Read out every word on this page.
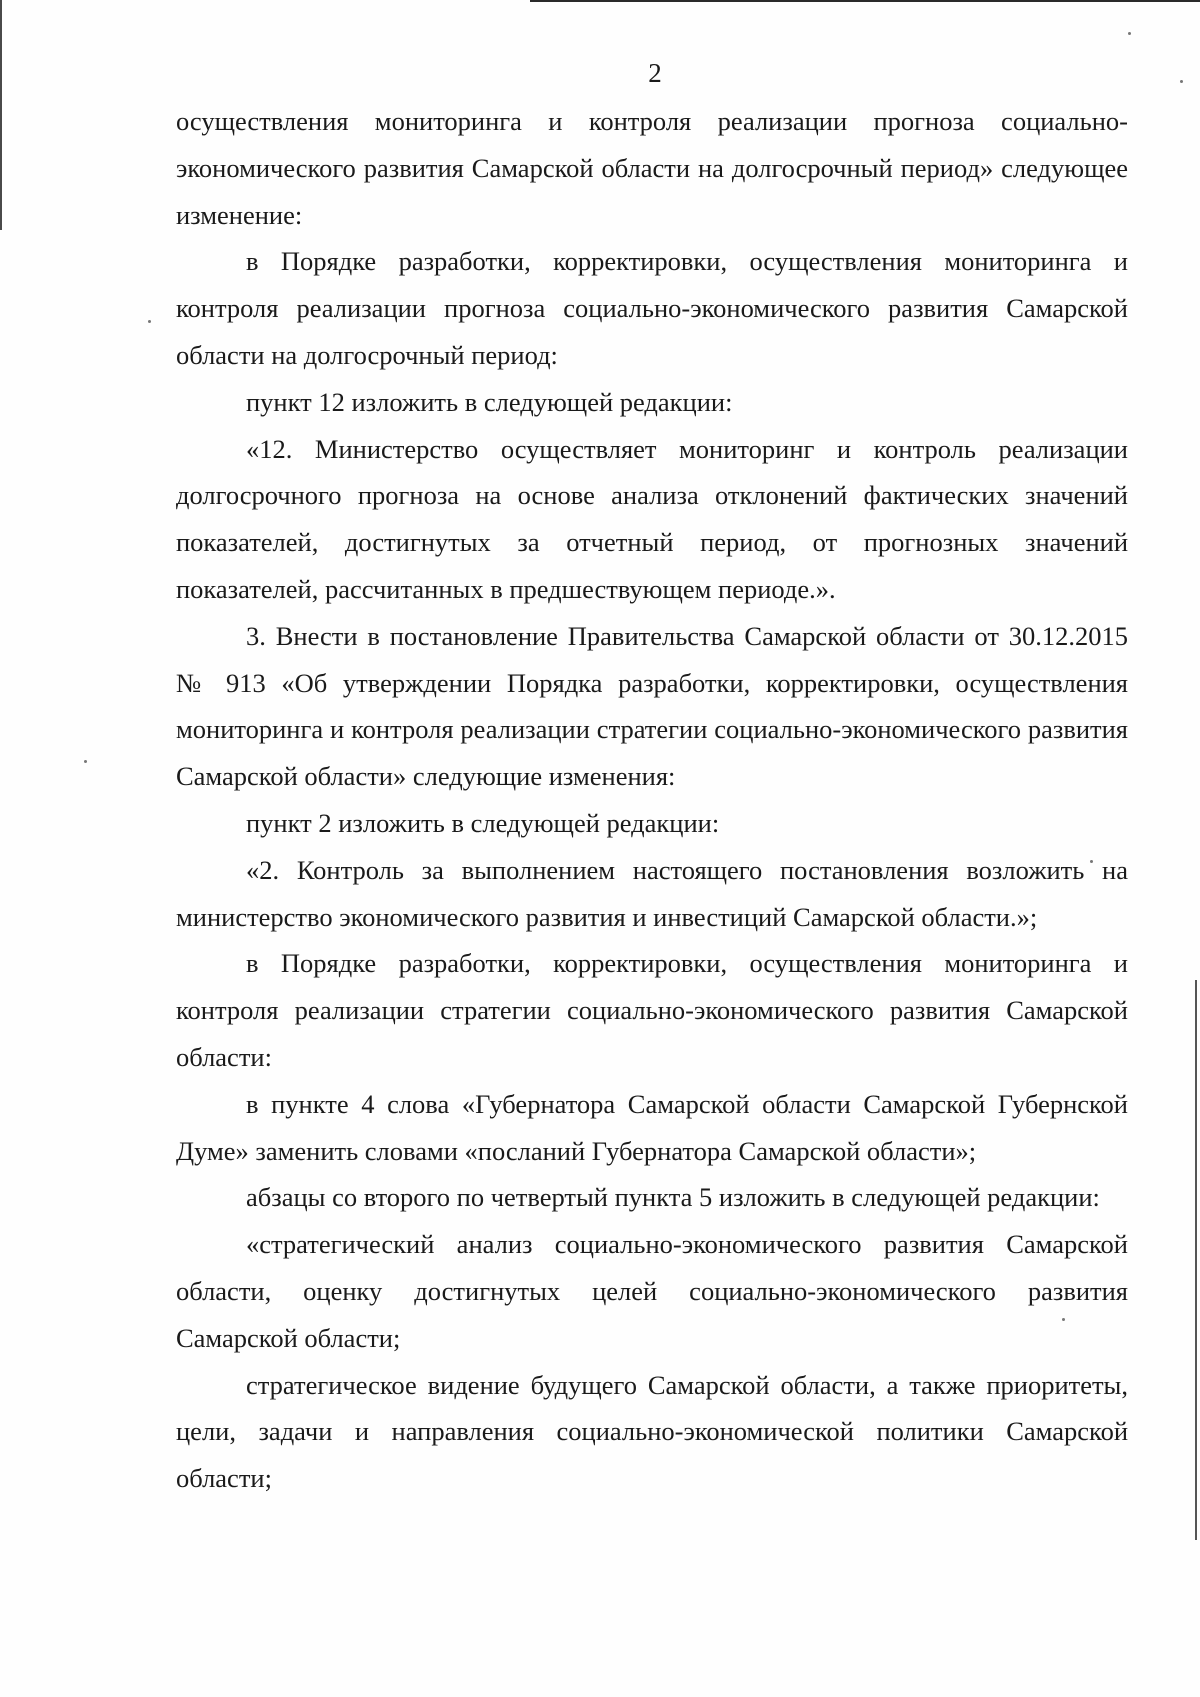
2

осуществления мониторинга и контроля реализации прогноза социально-экономического развития Самарской области на долгосрочный период» следующее изменение:

в Порядке разработки, корректировки, осуществления мониторинга и контроля реализации прогноза социально-экономического развития Самарской области на долгосрочный период:

пункт 12 изложить в следующей редакции:

«12. Министерство осуществляет мониторинг и контроль реализации долгосрочного прогноза на основе анализа отклонений фактических значений показателей, достигнутых за отчетный период, от прогнозных значений показателей, рассчитанных в предшествующем периоде.».

3. Внести в постановление Правительства Самарской области от 30.12.2015 № 913 «Об утверждении Порядка разработки, корректировки, осуществления мониторинга и контроля реализации стратегии социально-экономического развития Самарской области» следующие изменения:

пункт 2 изложить в следующей редакции:

«2. Контроль за выполнением настоящего постановления возложить на министерство экономического развития и инвестиций Самарской области.»;

в Порядке разработки, корректировки, осуществления мониторинга и контроля реализации стратегии социально-экономического развития Самарской области:

в пункте 4 слова «Губернатора Самарской области Самарской Губернской Думе» заменить словами «посланий Губернатора Самарской области»;

абзацы со второго по четвертый пункта 5 изложить в следующей редакции:

«стратегический анализ социально-экономического развития Самарской области, оценку достигнутых целей социально-экономического развития Самарской области;

стратегическое видение будущего Самарской области, а также приоритеты, цели, задачи и направления социально-экономической политики Самарской области;
